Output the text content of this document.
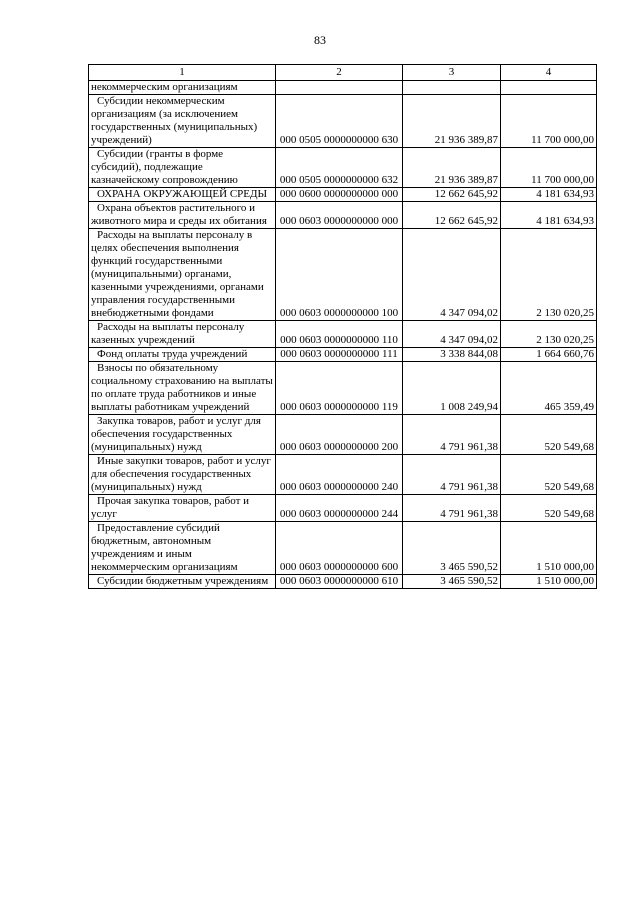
83
1	2	3	4
некоммерческим организациям			
Субсидии некоммерческим организациям (за исключением государственных (муниципальных) учреждений)	000 0505 0000000000 630	21 936 389,87	11 700 000,00
Субсидии (гранты в форме субсидий), подлежащие казначейскому сопровождению	000 0505 0000000000 632	21 936 389,87	11 700 000,00
ОХРАНА ОКРУЖАЮЩЕЙ СРЕДЫ	000 0600 0000000000 000	12 662 645,92	4 181 634,93
Охрана объектов растительного и животного мира и среды их обитания	000 0603 0000000000 000	12 662 645,92	4 181 634,93
Расходы на выплаты персоналу в целях обеспечения выполнения функций государственными (муниципальными) органами, казенными учреждениями, органами управления государственными внебюджетными фондами	000 0603 0000000000 100	4 347 094,02	2 130 020,25
Расходы на выплаты персоналу казенных учреждений	000 0603 0000000000 110	4 347 094,02	2 130 020,25
Фонд оплаты труда учреждений	000 0603 0000000000 111	3 338 844,08	1 664 660,76
Взносы по обязательному социальному страхованию на выплаты по оплате труда работников и иные выплаты работникам учреждений	000 0603 0000000000 119	1 008 249,94	465 359,49
Закупка товаров, работ и услуг для обеспечения государственных (муниципальных) нужд	000 0603 0000000000 200	4 791 961,38	520 549,68
Иные закупки товаров, работ и услуг для обеспечения государственных (муниципальных) нужд	000 0603 0000000000 240	4 791 961,38	520 549,68
Прочая закупка товаров, работ и услуг	000 0603 0000000000 244	4 791 961,38	520 549,68
Предоставление субсидий бюджетным, автономным учреждениям и иным некоммерческим организациям	000 0603 0000000000 600	3 465 590,52	1 510 000,00
Субсидии бюджетным учреждениям	000 0603 0000000000 610	3 465 590,52	1 510 000,00
